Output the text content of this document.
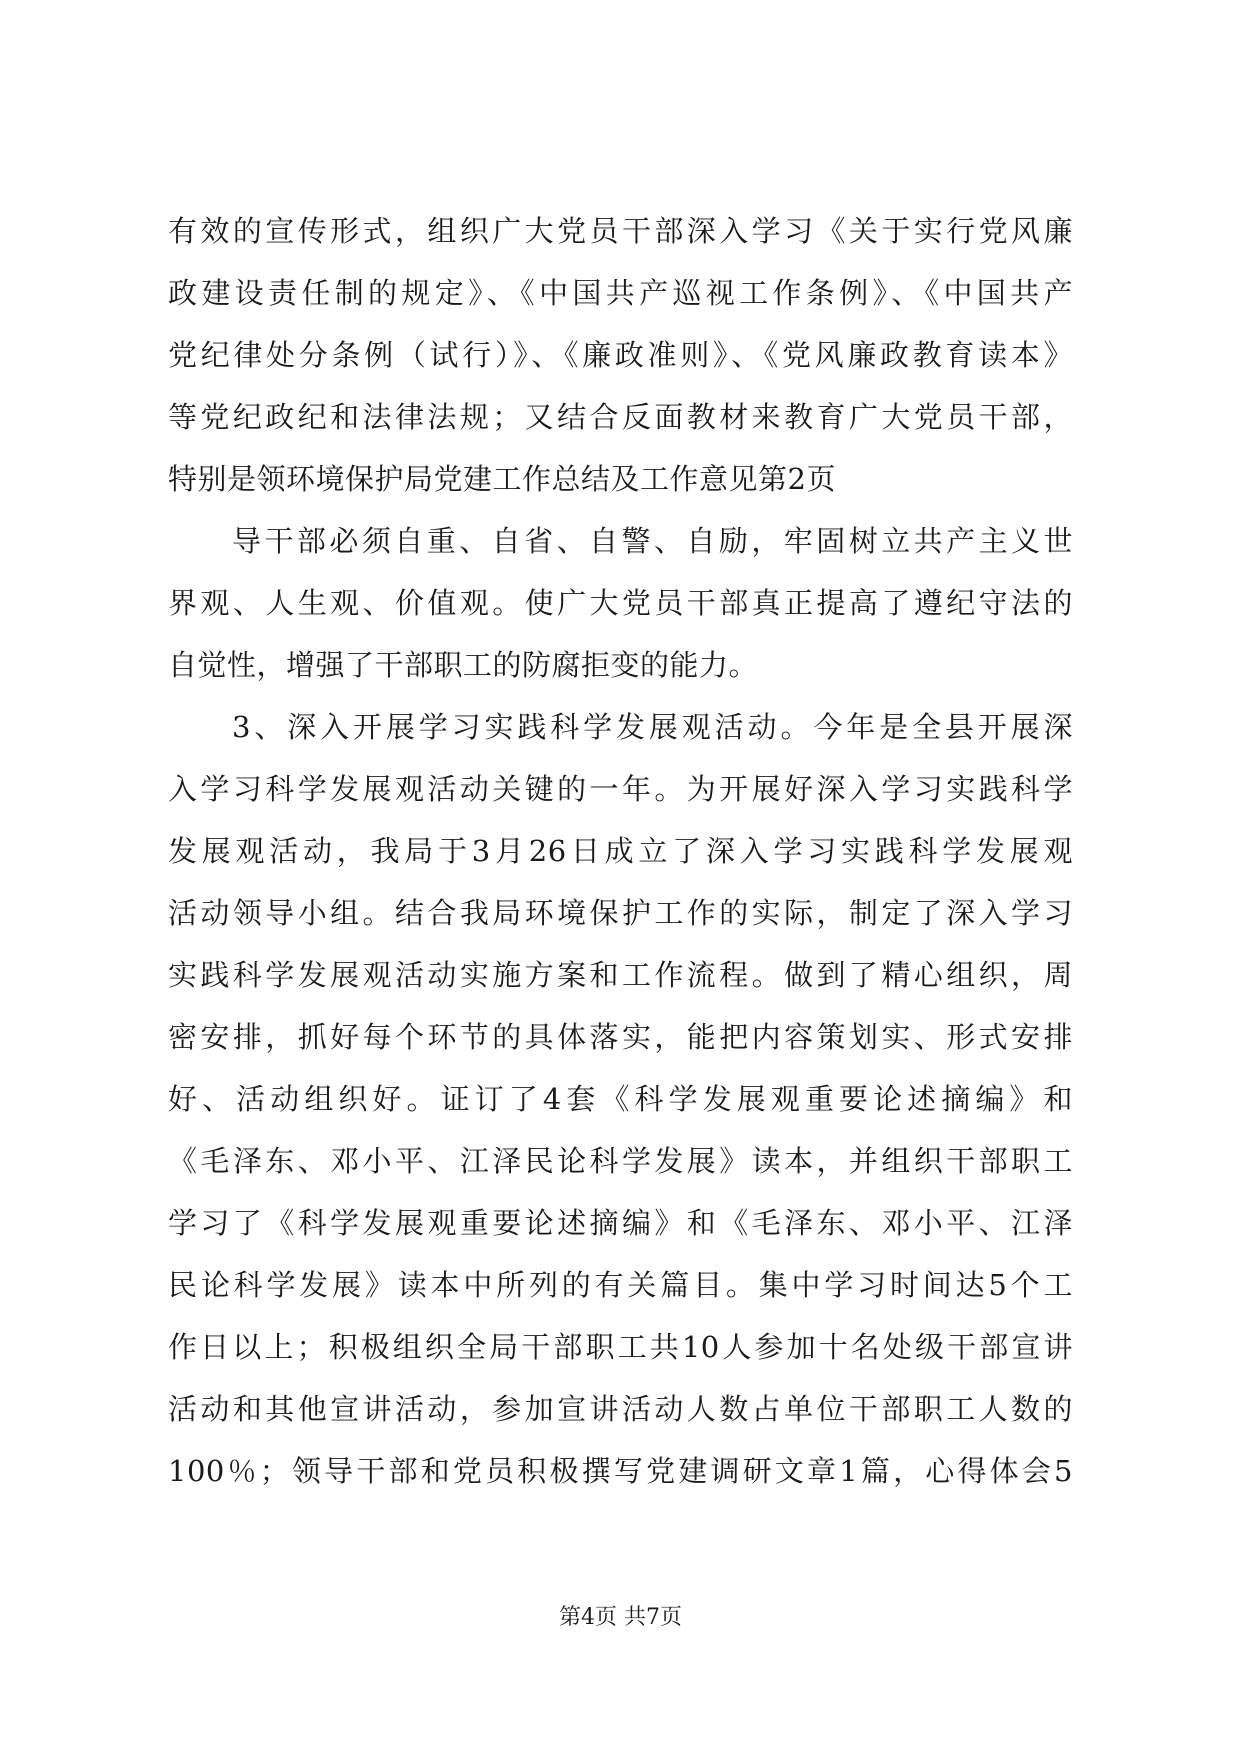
有效的宣传形式，组织广大党员干部深入学习《关于实行党风廉
政建设责任制的规定》、《中国共产巡视工作条例》、《中国共产
党纪律处分条例（试行）》、《廉政准则》、《党风廉政教育读本》
等党纪政纪和法律法规；又结合反面教材来教育广大党员干部，
特别是领环境保护局党建工作总结及工作意见第2页
导干部必须自重、自省、自警、自励，牢固树立共产主义世
界观、人生观、价值观。使广大党员干部真正提高了遵纪守法的
自觉性，增强了干部职工的防腐拒变的能力。
3、深入开展学习实践科学发展观活动。今年是全县开展深
入学习科学发展观活动关键的一年。为开展好深入学习实践科学
发展观活动，我局于3月26日成立了深入学习实践科学发展观
活动领导小组。结合我局环境保护工作的实际，制定了深入学习
实践科学发展观活动实施方案和工作流程。做到了精心组织，周
密安排，抓好每个环节的具体落实，能把内容策划实、形式安排
好、活动组织好。证订了4套《科学发展观重要论述摘编》和
《毛泽东、邓小平、江泽民论科学发展》读本，并组织干部职工
学习了《科学发展观重要论述摘编》和《毛泽东、邓小平、江泽
民论科学发展》读本中所列的有关篇目。集中学习时间达5个工
作日以上；积极组织全局干部职工共10人参加十名处级干部宣讲
活动和其他宣讲活动，参加宣讲活动人数占单位干部职工人数的
100％；领导干部和党员积极撰写党建调研文章1篇，心得体会5
第4页 共7页
